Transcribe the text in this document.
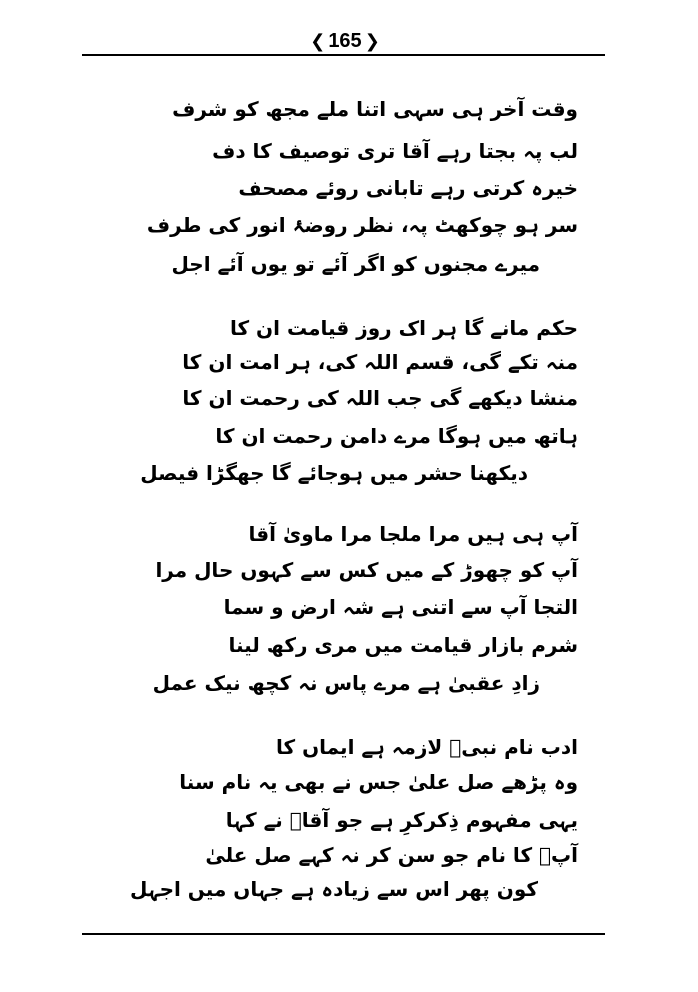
❮ 165 ❯
وقت آخر ہی سہی اتنا ملے مجھ کو شرف
لب پہ بجتا رہے آقا تری توصیف کا دف
خیرہ کرتی رہے تابانی روئے مصحف
سر ہو چوکھٹ پہ، نظر روضۂ انور کی طرف
میرے مجنوں کو اگر آئے تو یوں آئے اجل
حکم مانے گا ہر اک روز قیامت ان کا
منہ تکے گی، قسم اللہ کی، ہر امت ان کا
منشا دیکھے گی جب اللہ کی رحمت ان کا
ہاتھ میں ہوگا مرے دامن رحمت ان کا
دیکھنا حشر میں ہوجائے گا جھگڑا فیصل
آپ ہی ہیں مرا ملجا مرا ماویٰ آقا
آپ کو چھوڑ کے میں کس سے کہوں حال مرا
التجا آپ سے اتنی ہے شہ ارض و سما
شرم بازار قیامت میں مری رکھ لینا
زادِ عقبیٰ ہے مرے پاس نہ کچھ نیک عمل
ادب نام نبیؐ لازمہ ہے ایماں کا
وہ پڑھے صل علیٰ جس نے بھی یہ نام سنا
یہی مفہوم ذِکرکرِ ہے جو آقاؐ نے کہا
آپؐ کا نام جو سن کر نہ کہے صل علیٰ
کون پھر اس سے زیادہ ہے جہاں میں اجہل
